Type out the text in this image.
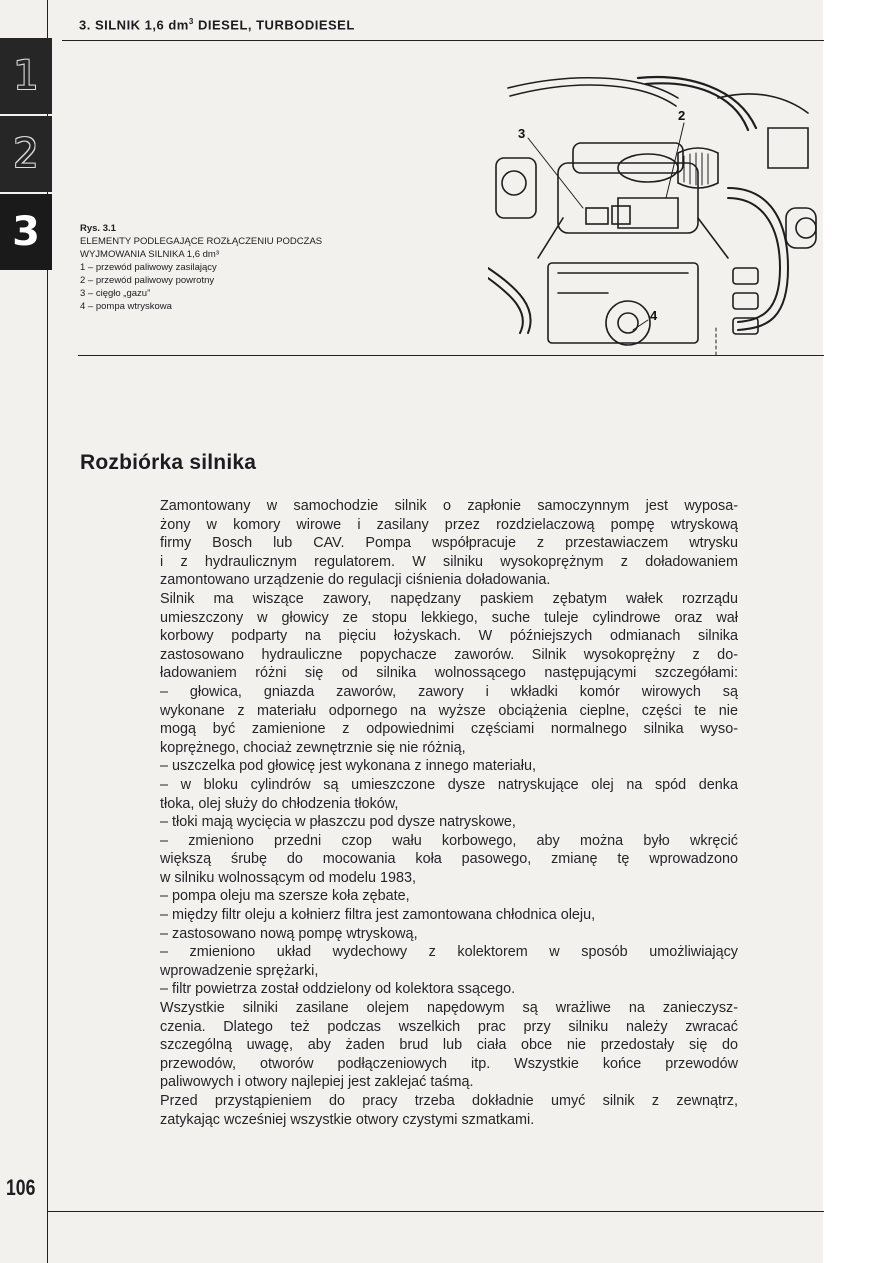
3. SILNIK 1,6 $dm^3$ DIESEL, TURBODIESEL
1
2
3	Rys. 3.1
ELEMENTY PODLEGAJĄCE ROZŁĄCZENIU PODCZAS
WYJMOWANIA SILNIKA 1,6 dm³
1 – przewód paliwowy zasilający
2 – przewód paliwowy powrotny
3 – cięgło „gazu”
4 – pompa wtryskowa
3
2
4
Rozbiórka silnika

Zamontowany w samochodzie silnik o zapłonie samoczynnym jest wyposa-

żony w komory wirowe i zasilany przez rozdzielaczową pompę wtryskową

firmy Bosch lub CAV. Pompa współpracuje z przestawiaczem wtrysku

i z hydraulicznym regulatorem. W silniku wysokoprężnym z doładowaniem

zamontowano urządzenie do regulacji ciśnienia doładowania.

Silnik ma wiszące zawory, napędzany paskiem zębatym wałek rozrządu

umieszczony w głowicy ze stopu lekkiego, suche tuleje cylindrowe oraz wał

korbowy podparty na pięciu łożyskach. W późniejszych odmianach silnika

zastosowano hydrauliczne popychacze zaworów. Silnik wysokoprężny z do-

ładowaniem różni się od silnika wolnossącego następującymi szczegółami:

– głowica, gniazda zaworów, zawory i wkładki komór wirowych są

wykonane z materiału odpornego na wyższe obciążenia cieplne, części te nie

mogą być zamienione z odpowiednimi częściami normalnego silnika wyso-

koprężnego, chociaż zewnętrznie się nie różnią,

– uszczelka pod głowicę jest wykonana z innego materiału,

– w bloku cylindrów są umieszczone dysze natryskujące olej na spód denka

tłoka, olej służy do chłodzenia tłoków,

– tłoki mają wycięcia w płaszczu pod dysze natryskowe,

– zmieniono przedni czop wału korbowego, aby można było wkręcić

większą śrubę do mocowania koła pasowego, zmianę tę wprowadzono

w silniku wolnossącym od modelu 1983,

– pompa oleju ma szersze koła zębate,

– między filtr oleju a kołnierz filtra jest zamontowana chłodnica oleju,

– zastosowano nową pompę wtryskową,

– zmieniono układ wydechowy z kolektorem w sposób umożliwiający

wprowadzenie sprężarki,

– filtr powietrza został oddzielony od kolektora ssącego.

Wszystkie silniki zasilane olejem napędowym są wrażliwe na zanieczysz-

czenia. Dlatego też podczas wszelkich prac przy silniku należy zwracać

szczególną uwagę, aby żaden brud lub ciała obce nie przedostały się do

przewodów, otworów podłączeniowych itp. Wszystkie końce przewodów

paliwowych i otwory najlepiej jest zaklejać taśmą.

Przed przystąpieniem do pracy trzeba dokładnie umyć silnik z zewnątrz,

zatykając wcześniej wszystkie otwory czystymi szmatkami.

106
